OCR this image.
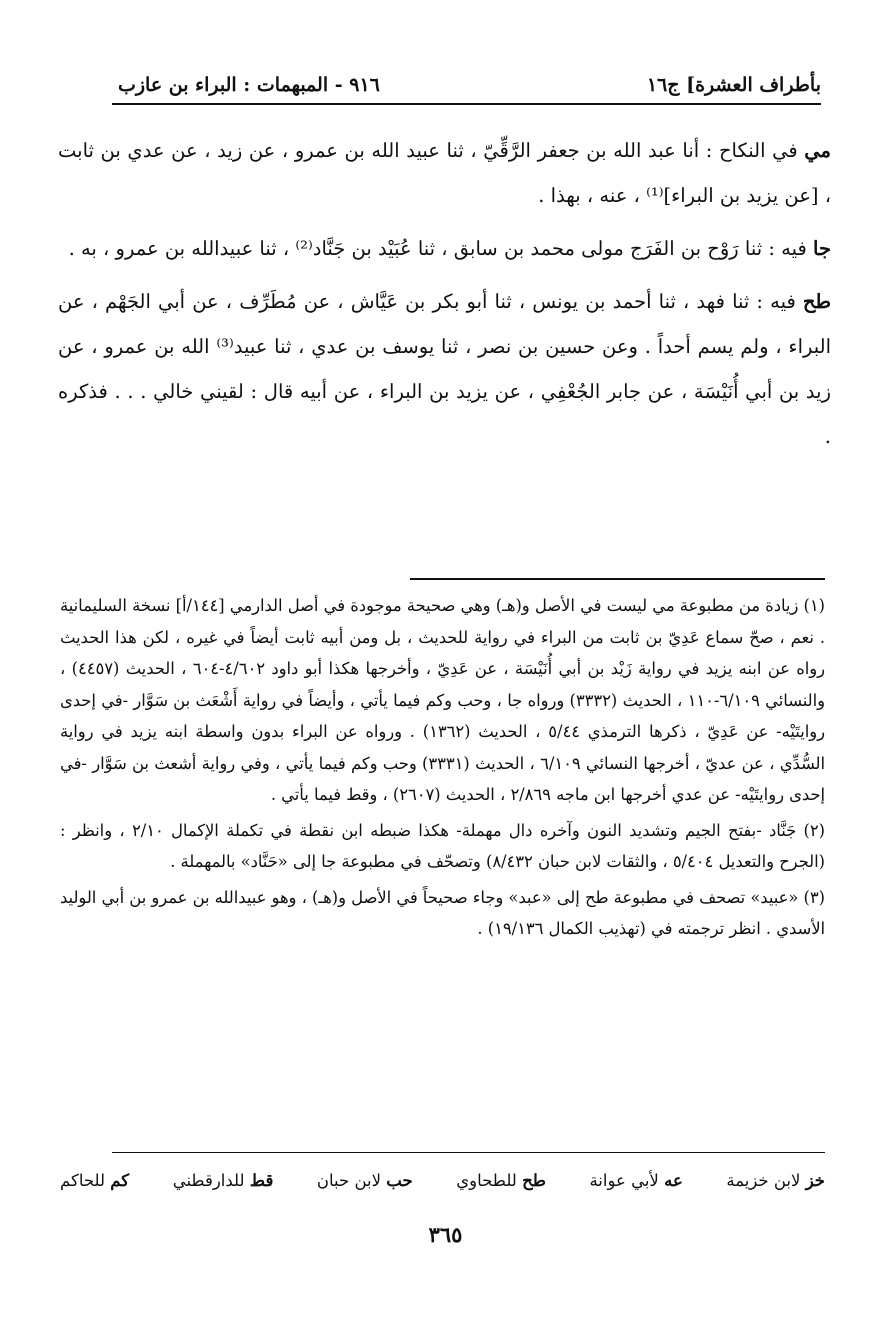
بأطراف العشرة] ج١٦
٩١٦ - المبهمات : البراء بن عازب

مي في النكاح : أنا عبد الله بن جعفر الرَّقِّيّ ، ثنا عبيد الله بن عمرو ، عن زيد ، عن عدي بن ثابت ، [عن يزيد بن البراء]⁽¹⁾ ، عنه ، بهذا .

جا فيه : ثنا رَوْح بن الفَرَج مولى محمد بن سابق ، ثنا عُبَيْد بن جَنَّاد⁽²⁾ ، ثنا عبيدالله بن عمرو ، به .

طح فيه : ثنا فهد ، ثنا أحمد بن يونس ، ثنا أبو بكر بن عَيَّاش ، عن مُطَرِّف ، عن أبي الجَهْم ، عن البراء ، ولم يسم أحداً . وعن حسين بن نصر ، ثنا يوسف بن عدي ، ثنا عبيد⁽³⁾ الله بن عمرو ، عن زيد بن أبي أُنَيْسَة ، عن جابر الجُعْفِي ، عن يزيد بن البراء ، عن أبيه قال : لقيني خالي . . . فذكره .

(١) زيادة من مطبوعة مي ليست في الأصل و(هـ) وهي صحيحة موجودة في أصل الدارمي [١٤٤/أ] نسخة السليمانية . نعم ، صحّ سماع عَدِيّ بن ثابت من البراء في رواية للحديث ، بل ومن أبيه ثابت أيضاً في غيره ، لكن هذا الحديث رواه عن ابنه يزيد في رواية زَيْد بن أبي أُنَيْسَة ، عن عَدِيّ ، وأخرجها هكذا أبو داود ٤/٦٠٢-٦٠٤ ، الحديث (٤٤٥٧) ، والنسائي ٦/١٠٩-١١٠ ، الحديث (٣٣٣٢) ورواه جا ، وحب وكم فيما يأتي ، وأيضاً في رواية أَشْعَث بن سَوَّار -في إحدى روايتَيْه- عن عَدِيّ ، ذكرها الترمذي ٥/٤٤ ، الحديث (١٣٦٢) . ورواه عن البراء بدون واسطة ابنه يزيد في رواية السُّدِّي ، عن عديّ ، أخرجها النسائي ٦/١٠٩ ، الحديث (٣٣٣١) وحب وكم فيما يأتي ، وفي رواية أشعث بن سَوَّار -في إحدى روايتَيْه- عن عدي أخرجها ابن ماجه ٢/٨٦٩ ، الحديث (٢٦٠٧) ، وقط فيما يأتي .

(٢) جَنَّاد -بفتح الجيم وتشديد النون وآخره دال مهملة- هكذا ضبطه ابن نقطة في تكملة الإكمال ٢/١٠ ، وانظر : (الجرح والتعديل ٥/٤٠٤ ، والثقات لابن حبان ٨/٤٣٢) وتصحّف في مطبوعة جا إلى «حَنَّاد» بالمهملة .

(٣) «عبيد» تصحف في مطبوعة طح إلى «عبد» وجاء صحيحاً في الأصل و(هـ) ، وهو عبيدالله بن عمرو بن أبي الوليد الأسدي . انظر ترجمته في (تهذيب الكمال ١٩/١٣٦) .

خز لابن خزيمة
عه لأبي عوانة
طح للطحاوي
حب لابن حبان
قط للدارقطني
كم للحاكم
٣٦٥
